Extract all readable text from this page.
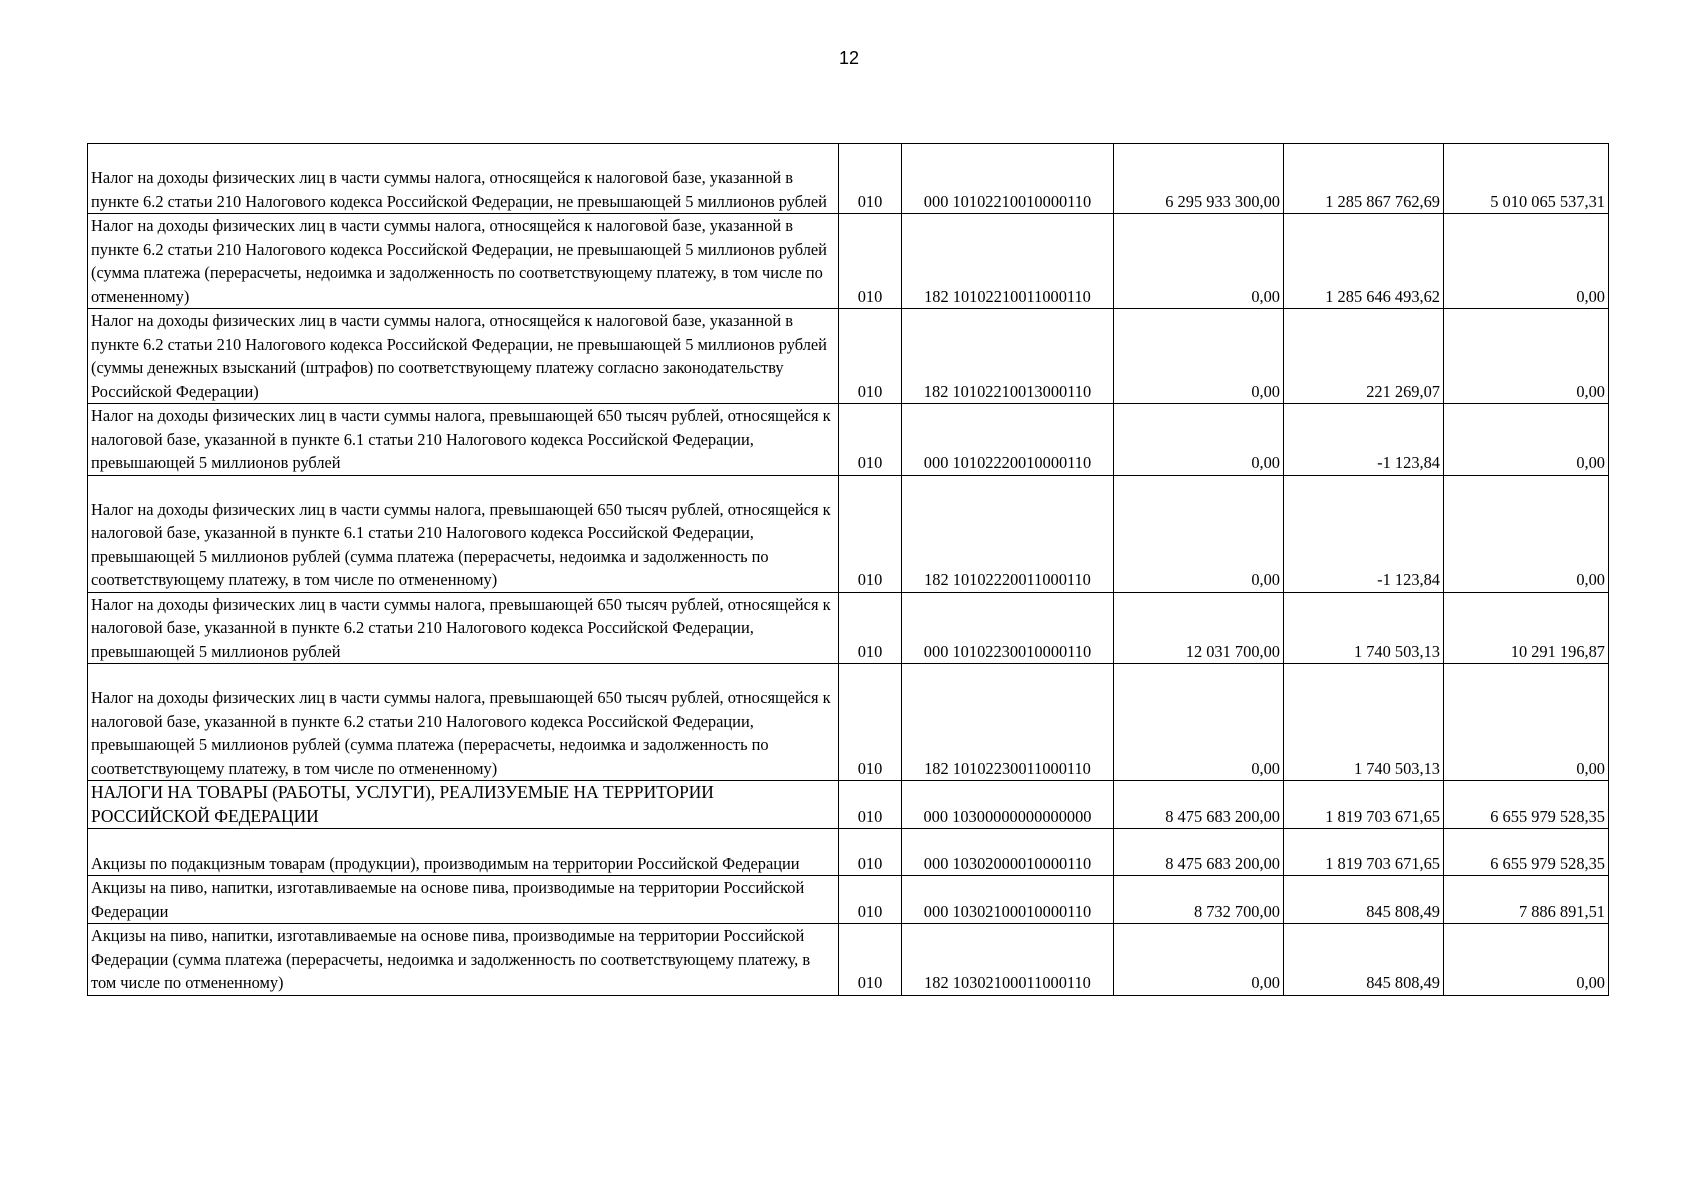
12
Налог на доходы физических лиц в части суммы налога, относящейся к налоговой базе, указанной в пункте 6.2 статьи 210 Налогового кодекса Российской Федерации, не превышающей 5 миллионов рублей	010	000 10102210010000110	6 295 933 300,00	1 285 867 762,69	5 010 065 537,31

Налог на доходы физических лиц в части суммы налога, относящейся к налоговой базе, указанной в пункте 6.2 статьи 210 Налогового кодекса Российской Федерации, не превышающей 5 миллионов рублей (сумма платежа (перерасчеты, недоимка и задолженность по соответствующему платежу, в том числе по отмененному)	010	182 10102210011000110	0,00	1 285 646 493,62	0,00

Налог на доходы физических лиц в части суммы налога, относящейся к налоговой базе, указанной в пункте 6.2 статьи 210 Налогового кодекса Российской Федерации, не превышающей 5 миллионов рублей (суммы денежных взысканий (штрафов) по соответствующему платежу согласно законодательству Российской Федерации)	010	182 10102210013000110	0,00	221 269,07	0,00

Налог на доходы физических лиц в части суммы налога, превышающей 650 тысяч рублей, относящейся к налоговой базе, указанной в пункте 6.1 статьи 210 Налогового кодекса Российской Федерации, превышающей 5 миллионов рублей	010	000 10102220010000110	0,00	-1 123,84	0,00

Налог на доходы физических лиц в части суммы налога, превышающей 650 тысяч рублей, относящейся к налоговой базе, указанной в пункте 6.1 статьи 210 Налогового кодекса Российской Федерации, превышающей 5 миллионов рублей (сумма платежа (перерасчеты, недоимка и задолженность по соответствующему платежу, в том числе по отмененному)	010	182 10102220011000110	0,00	-1 123,84	0,00

Налог на доходы физических лиц в части суммы налога, превышающей 650 тысяч рублей, относящейся к налоговой базе, указанной в пункте 6.2 статьи 210 Налогового кодекса Российской Федерации, превышающей 5 миллионов рублей	010	000 10102230010000110	12 031 700,00	1 740 503,13	10 291 196,87

Налог на доходы физических лиц в части суммы налога, превышающей 650 тысяч рублей, относящейся к налоговой базе, указанной в пункте 6.2 статьи 210 Налогового кодекса Российской Федерации, превышающей 5 миллионов рублей (сумма платежа (перерасчеты, недоимка и задолженность по соответствующему платежу, в том числе по отмененному)	010	182 10102230011000110	0,00	1 740 503,13	0,00

НАЛОГИ НА ТОВАРЫ (РАБОТЫ, УСЛУГИ), РЕАЛИЗУЕМЫЕ НА ТЕРРИТОРИИ РОССИЙСКОЙ ФЕДЕРАЦИИ	010	000 10300000000000000	8 475 683 200,00	1 819 703 671,65	6 655 979 528,35

Акцизы по подакцизным товарам (продукции), производимым на территории Российской Федерации	010	000 10302000010000110	8 475 683 200,00	1 819 703 671,65	6 655 979 528,35

Акцизы на пиво, напитки, изготавливаемые на основе пива, производимые на территории Российской Федерации	010	000 10302100010000110	8 732 700,00	845 808,49	7 886 891,51

Акцизы на пиво, напитки, изготавливаемые на основе пива, производимые на территории Российской Федерации (сумма платежа (перерасчеты, недоимка и задолженность по соответствующему платежу, в том числе по отмененному)	010	182 10302100011000110	0,00	845 808,49	0,00
